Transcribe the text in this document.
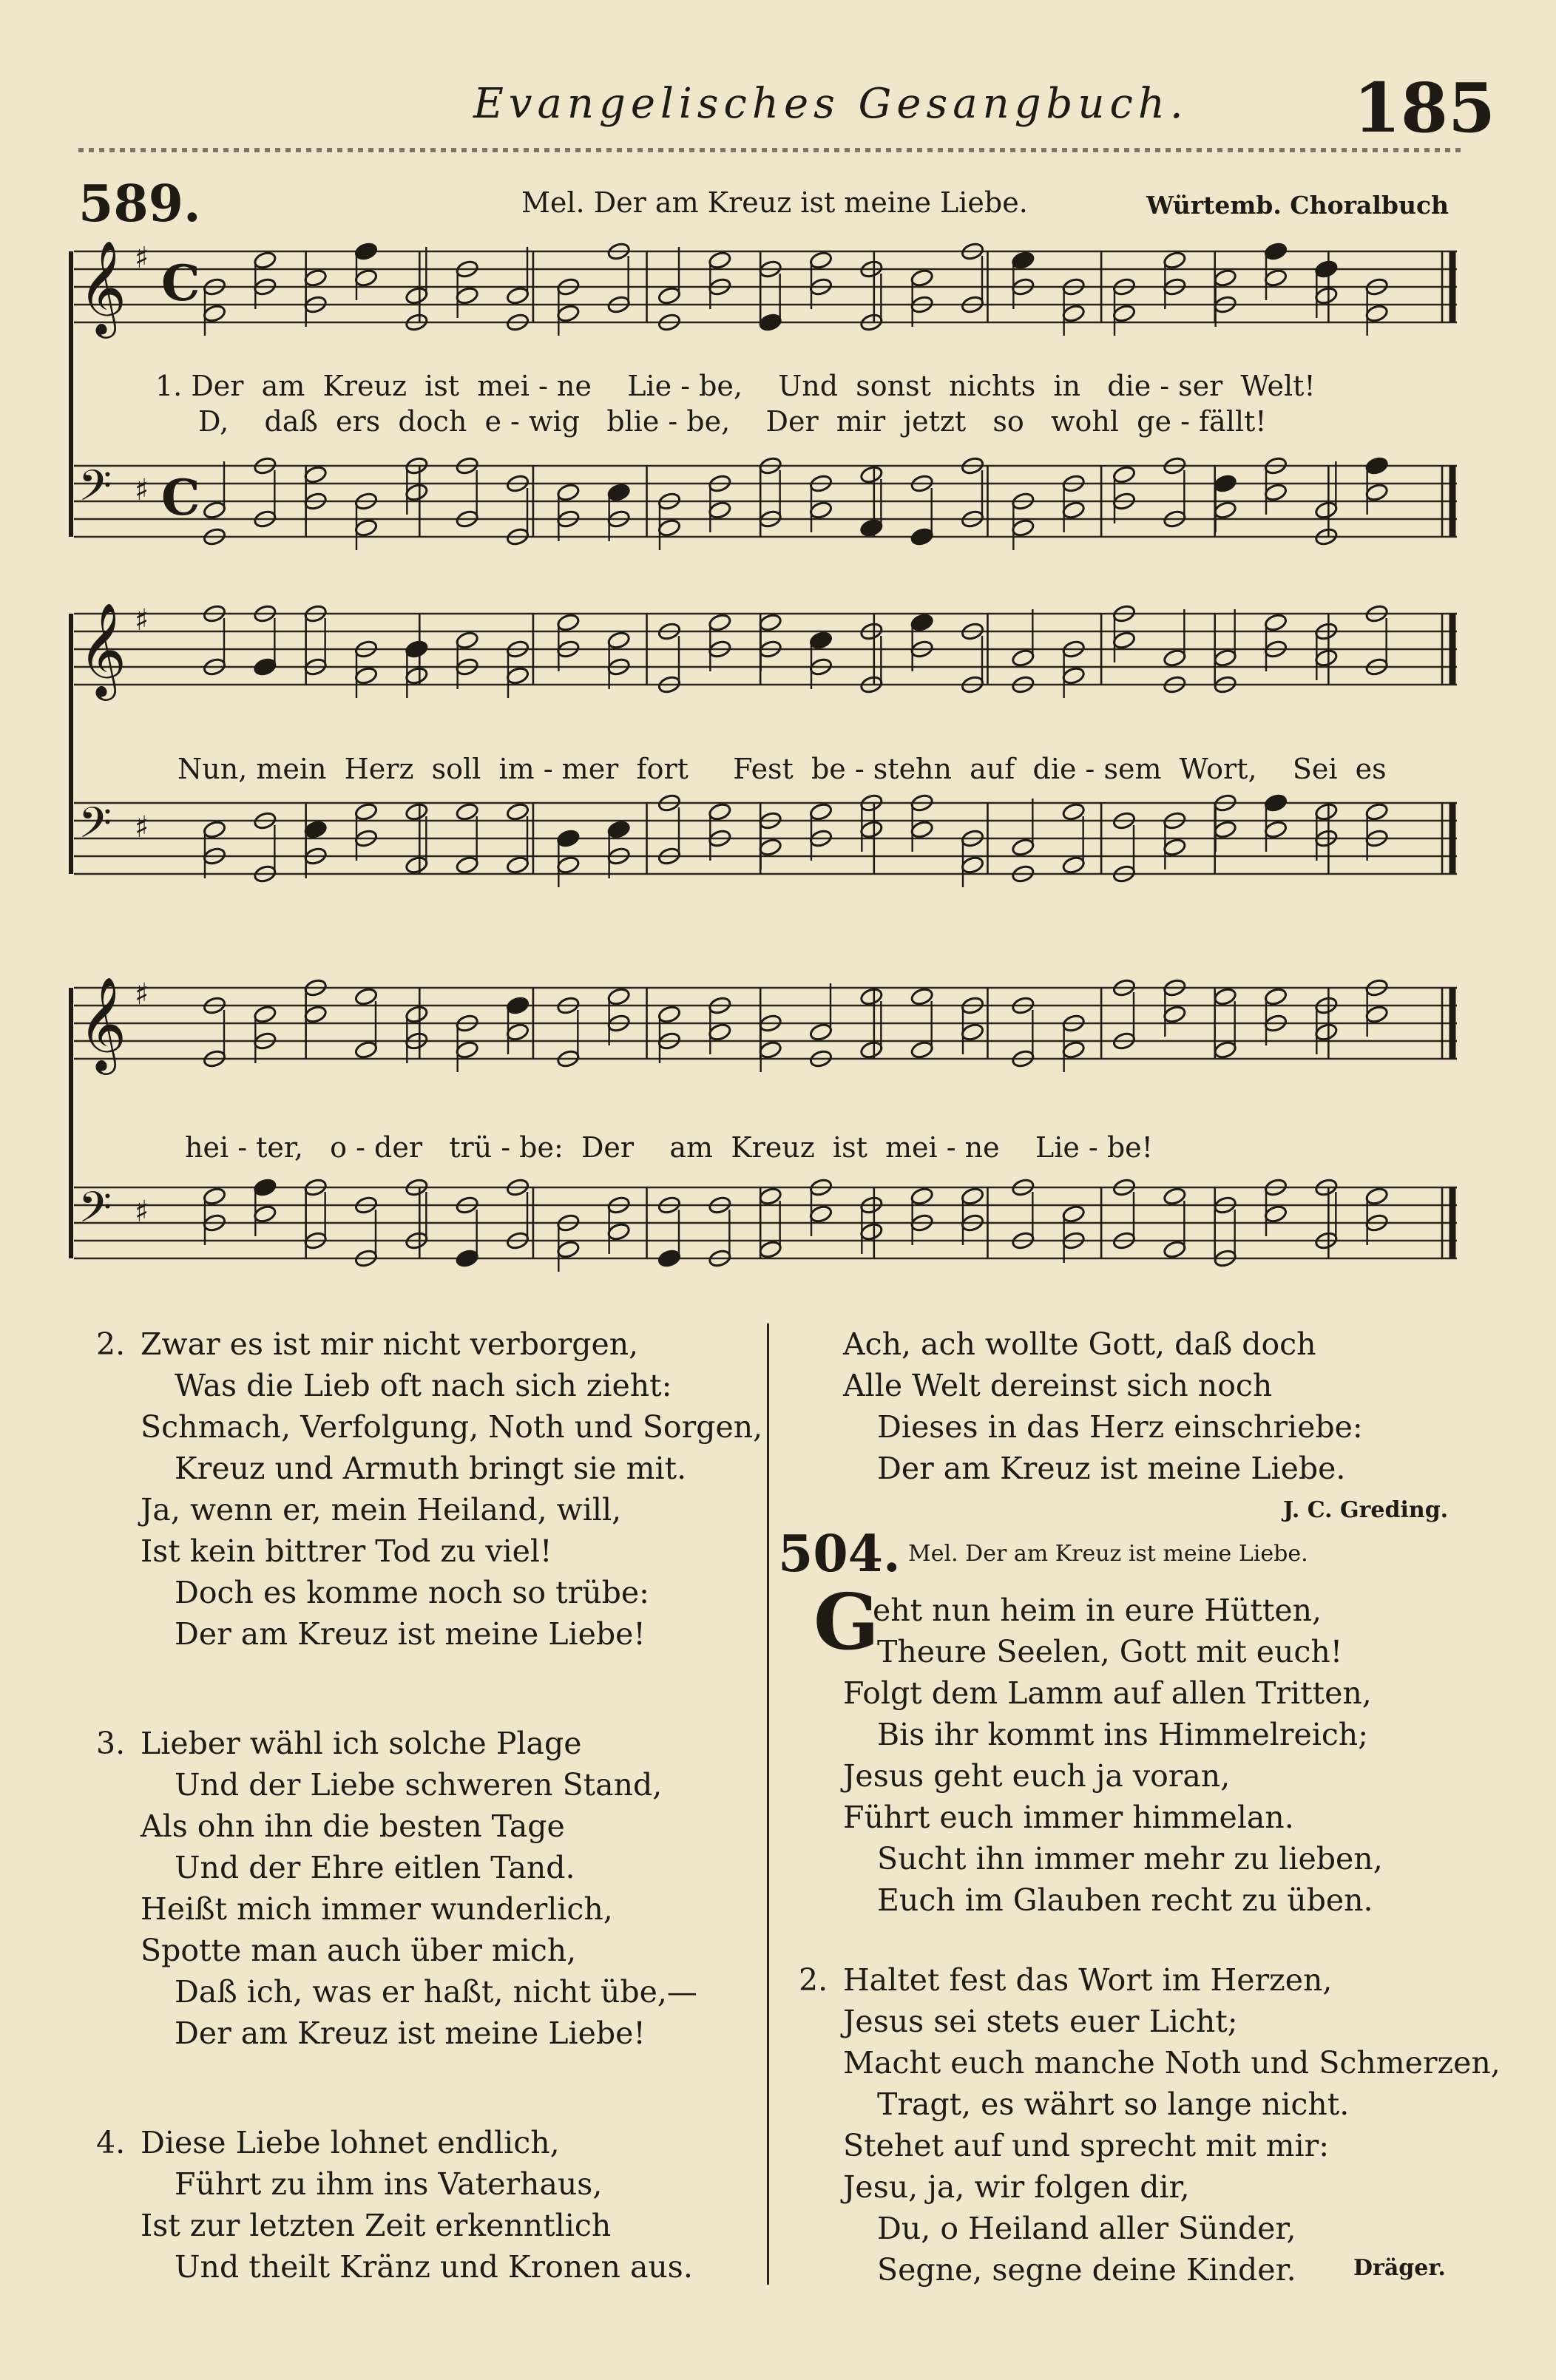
Evangelisches Gesangbuch. 185
589.	Mel. Der am Kreuz ist meine Liebe.	Würtemb. Choralbuch
𝄞 ♯ C
𝄢 ♯ C
1. Der  am  Kreuz  ist  mei - ne    Lie - be,    Und  sonst  nichts  in   die - ser  Welt!
D,    daß  ers  doch  e - wig   blie - be,    Der  mir  jetzt   so   wohl  ge - fällt!
𝄞 ♯
𝄢 ♯
Nun, mein  Herz  soll  im - mer  fort     Fest  be - stehn  auf  die - sem  Wort,    Sei  es
𝄞 ♯
𝄢 ♯
hei - ter,   o - der   trü - be:  Der    am  Kreuz  ist  mei - ne    Lie - be!
2. Zwar es ist mir nicht verborgen,
Was die Lieb oft nach sich zieht:
Schmach, Verfolgung, Noth und Sorgen,
Kreuz und Armuth bringt sie mit.
Ja, wenn er, mein Heiland, will,
Ist kein bittrer Tod zu viel!
Doch es komme noch so trübe:
Der am Kreuz ist meine Liebe!
3. Lieber wähl ich solche Plage
Und der Liebe schweren Stand,
Als ohn ihn die besten Tage
Und der Ehre eitlen Tand.
Heißt mich immer wunderlich,
Spotte man auch über mich,
Daß ich, was er haßt, nicht übe,—
Der am Kreuz ist meine Liebe!
4. Diese Liebe lohnet endlich,
Führt zu ihm ins Vaterhaus,
Ist zur letzten Zeit erkenntlich
Und theilt Kränz und Kronen aus.
Ach, ach wollte Gott, daß doch
Alle Welt dereinst sich noch
Dieses in das Herz einschriebe:
Der am Kreuz ist meine Liebe.
J. C. Greding.
504. Mel. Der am Kreuz ist meine Liebe.
G
eht nun heim in eure Hütten,
Theure Seelen, Gott mit euch!
Folgt dem Lamm auf allen Tritten,
Bis ihr kommt ins Himmelreich;
Jesus geht euch ja voran,
Führt euch immer himmelan.
Sucht ihn immer mehr zu lieben,
Euch im Glauben recht zu üben.
2. Haltet fest das Wort im Herzen,
Jesus sei stets euer Licht;
Macht euch manche Noth und Schmerzen,
Tragt, es währt so lange nicht.
Stehet auf und sprecht mit mir:
Jesu, ja, wir folgen dir,
Du, o Heiland aller Sünder,
Segne, segne deine Kinder.	Dräger.
